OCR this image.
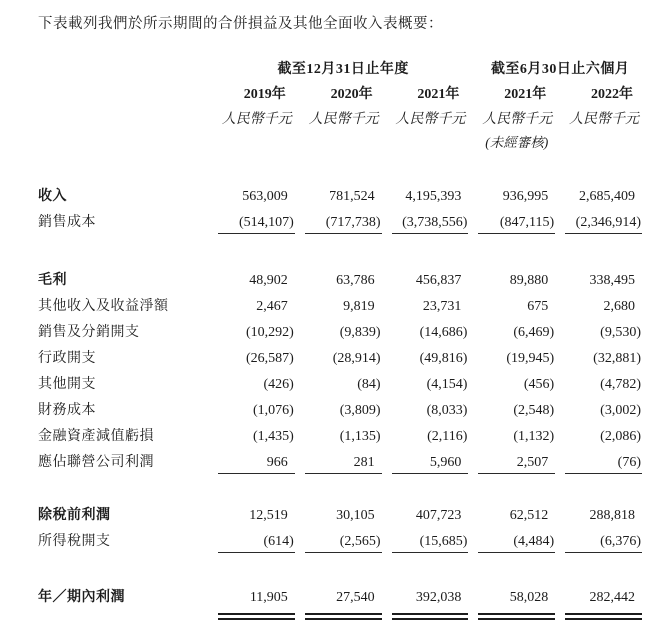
下表載列我們於所示期間的合併損益及其他全面收入表概要：

截至12月31日止年度	截至6月30日止六個月
2019年	2020年	2021年	2021年	2022年
人民幣千元 人民幣千元 人民幣千元 人民幣千元 人民幣千元
(未經審核)
收入	563,009	781,524	4,195,393	936,995	2,685,409
銷售成本	(514,107)	(717,738)	(3,738,556)	(847,115)	(2,346,914)
毛利	48,902	63,786	456,837	89,880	338,495
其他收入及收益淨額	2,467	9,819	23,731	675	2,680
銷售及分銷開支	(10,292)	(9,839)	(14,686)	(6,469)	(9,530)
行政開支	(26,587)	(28,914)	(49,816)	(19,945)	(32,881)
其他開支	(426)	(84)	(4,154)	(456)	(4,782)
財務成本	(1,076)	(3,809)	(8,033)	(2,548)	(3,002)
金融資產減值虧損	(1,435)	(1,135)	(2,116)	(1,132)	(2,086)
應佔聯營公司利潤	966	281	5,960	2,507	(76)
除稅前利潤	12,519	30,105	407,723	62,512	288,818
所得稅開支	(614)	(2,565)	(15,685)	(4,484)	(6,376)
年／期內利潤	11,905	27,540	392,038	58,028	282,442
